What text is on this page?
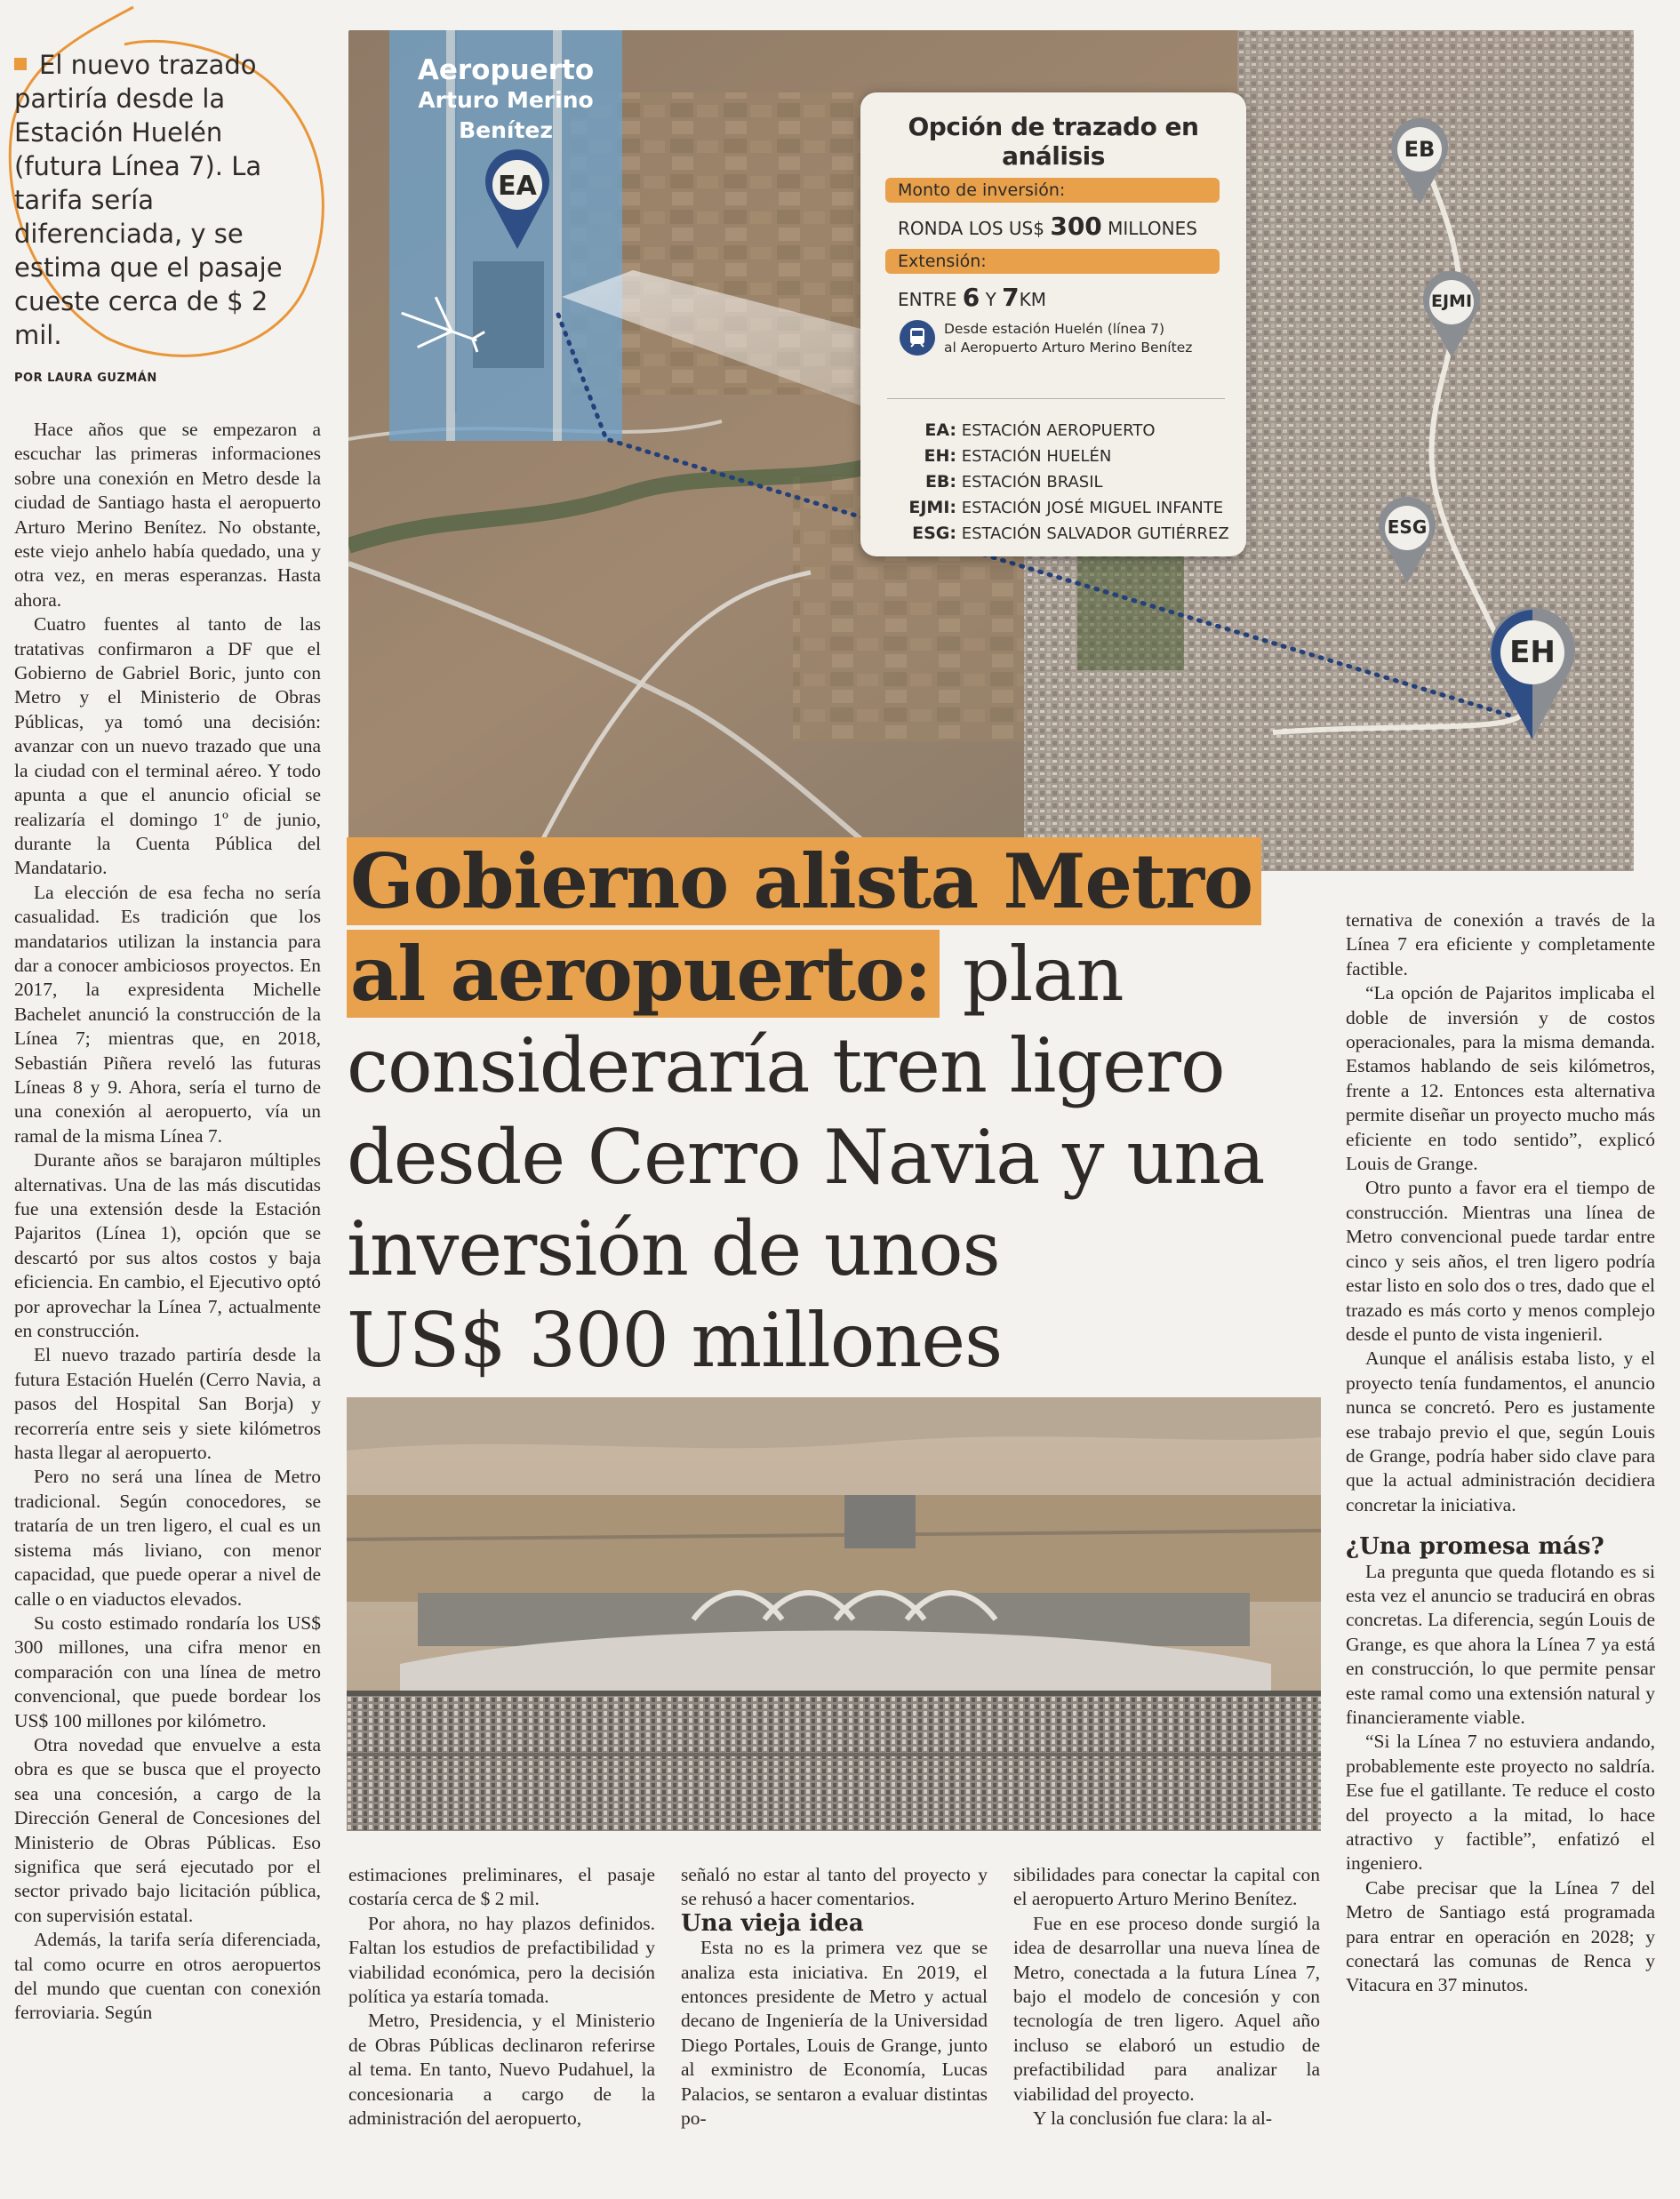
El nuevo trazado partiría desde la Estación Huelén (futura Línea 7). La tarifa sería diferenciada, y se estima que el pasaje cueste cerca de $ 2 mil.
POR LAURA GUZMÁN
Aeropuerto
Arturo Merino Benítez
EA
EB
EJMI
ESG
EH
Opción de trazado en análisis
Monto de inversión:
RONDA LOS US$ 300 MILLONES
Extensión:
ENTRE 6 Y 7KM
Desde estación Huelén (línea 7)
al Aeropuerto Arturo Merino Benítez
EA: ESTACIÓN AEROPUERTO
EH: ESTACIÓN HUELÉN
EB: ESTACIÓN BRASIL
EJMI: ESTACIÓN JOSÉ MIGUEL INFANTE
ESG: ESTACIÓN SALVADOR GUTIÉRREZ
Gobierno alista Metro
al aeropuerto: plan
consideraría tren ligero
desde Cerro Navia y una
inversión de unos
US$ 300 millones

Hace años que se empezaron a escuchar las primeras informaciones sobre una conexión en Metro desde la ciudad de Santiago hasta el aeropuerto Arturo Merino Benítez. No obstante, este viejo anhelo había quedado, una y otra vez, en meras esperanzas. Hasta ahora.

Cuatro fuentes al tanto de las tratativas confirmaron a DF que el Gobierno de Gabriel Boric, junto con Metro y el Ministerio de Obras Públicas, ya tomó una decisión: avanzar con un nuevo trazado que una la ciudad con el terminal aéreo. Y todo apunta a que el anuncio oficial se realizaría el domingo 1º de junio, durante la Cuenta Pública del Mandatario.

La elección de esa fecha no sería casualidad. Es tradición que los mandatarios utilizan la instancia para dar a conocer ambiciosos proyectos. En 2017, la expresidenta Michelle Bachelet anunció la construcción de la Línea 7; mientras que, en 2018, Sebastián Piñera reveló las futuras Líneas 8 y 9. Ahora, sería el turno de una conexión al aeropuerto, vía un ramal de la misma Línea 7.

Durante años se barajaron múltiples alternativas. Una de las más discutidas fue una extensión desde la Estación Pajaritos (Línea 1), opción que se descartó por sus altos costos y baja eficiencia. En cambio, el Ejecutivo optó por aprovechar la Línea 7, actualmente en construcción.

El nuevo trazado partiría desde la futura Estación Huelén (Cerro Navia, a pasos del Hospital San Borja) y recorrería entre seis y siete kilómetros hasta llegar al aeropuerto.

Pero no será una línea de Metro tradicional. Según conocedores, se trataría de un tren ligero, el cual es un sistema más liviano, con menor capacidad, que puede operar a nivel de calle o en viaductos elevados.

Su costo estimado rondaría los US$ 300 millones, una cifra menor en comparación con una línea de metro convencional, que puede bordear los US$ 100 millones por kilómetro.

Otra novedad que envuelve a esta obra es que se busca que el proyecto sea una concesión, a cargo de la Dirección General de Concesiones del Ministerio de Obras Públicas. Eso significa que será ejecutado por el sector privado bajo licitación pública, con supervisión estatal.

Además, la tarifa sería diferenciada, tal como ocurre en otros aeropuertos del mundo que cuentan con conexión ferroviaria. Según

estimaciones preliminares, el pasaje costaría cerca de $ 2 mil.

Por ahora, no hay plazos definidos. Faltan los estudios de prefactibilidad y viabilidad económica, pero la decisión política ya estaría tomada.

Metro, Presidencia, y el Ministerio de Obras Públicas declinaron referirse al tema. En tanto, Nuevo Pudahuel, la concesionaria a cargo de la administración del aeropuerto,

señaló no estar al tanto del proyecto y se rehusó a hacer comentarios.

Una vieja idea

Esta no es la primera vez que se analiza esta iniciativa. En 2019, el entonces presidente de Metro y actual decano de Ingeniería de la Universidad Diego Portales, Louis de Grange, junto al exministro de Economía, Lucas Palacios, se sentaron a evaluar distintas po-

sibilidades para conectar la capital con el aeropuerto Arturo Merino Benítez.

Fue en ese proceso donde surgió la idea de desarrollar una nueva línea de Metro, conectada a la futura Línea 7, bajo el modelo de concesión y con tecnología de tren ligero. Aquel año incluso se elaboró un estudio de prefactibilidad para analizar la viabilidad del proyecto.

Y la conclusión fue clara: la al-

ternativa de conexión a través de la Línea 7 era eficiente y completamente factible.

“La opción de Pajaritos implicaba el doble de inversión y de costos operacionales, para la misma demanda. Estamos hablando de seis kilómetros, frente a 12. Entonces esta alternativa permite diseñar un proyecto mucho más eficiente en todo sentido”, explicó Louis de Grange.

Otro punto a favor era el tiempo de construcción. Mientras una línea de Metro convencional puede tardar entre cinco y seis años, el tren ligero podría estar listo en solo dos o tres, dado que el trazado es más corto y menos complejo desde el punto de vista ingenieril.

Aunque el análisis estaba listo, y el proyecto tenía fundamentos, el anuncio nunca se concretó. Pero es justamente ese trabajo previo el que, según Louis de Grange, podría haber sido clave para que la actual administración decidiera concretar la iniciativa.

¿Una promesa más?

La pregunta que queda flotando es si esta vez el anuncio se traducirá en obras concretas. La diferencia, según Louis de Grange, es que ahora la Línea 7 ya está en construcción, lo que permite pensar este ramal como una extensión natural y financieramente viable.

“Si la Línea 7 no estuviera andando, probablemente este proyecto no saldría. Ese fue el gatillante. Te reduce el costo del proyecto a la mitad, lo hace atractivo y factible”, enfatizó el ingeniero.

Cabe precisar que la Línea 7 del Metro de Santiago está programada para entrar en operación en 2028; y conectará las comunas de Renca y Vitacura en 37 minutos.
